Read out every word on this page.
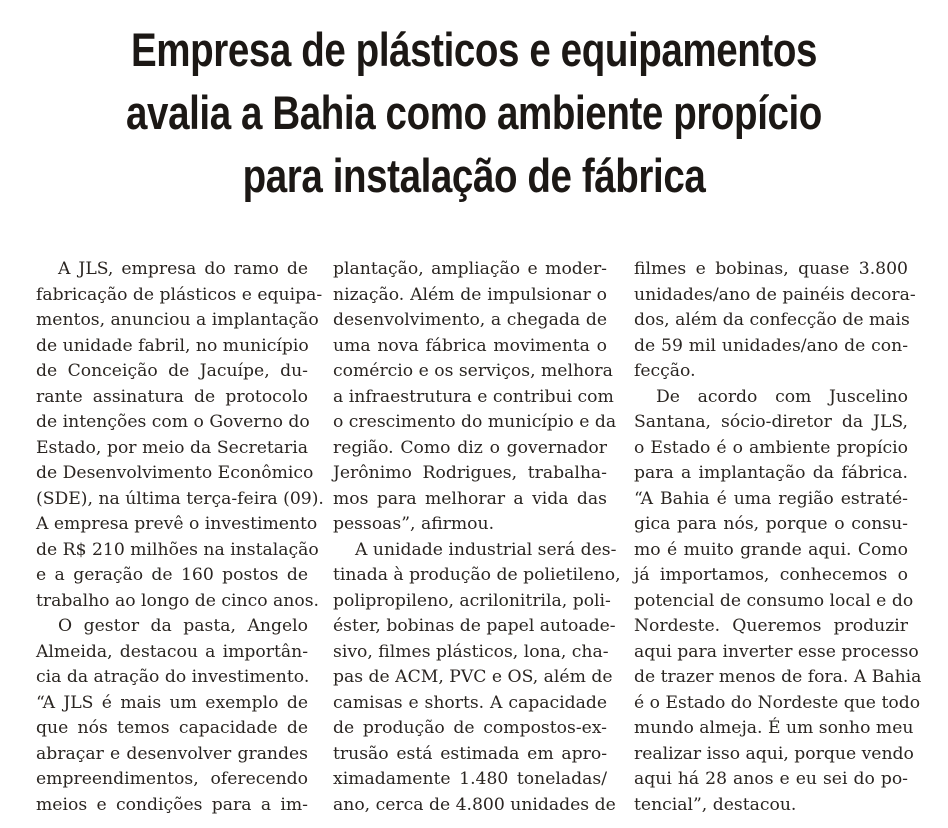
Empresa de plásticos e equipamentos
avalia a Bahia como ambiente propício
para instalação de fábrica
A JLS, empresa do ramo de
fabricação de plásticos e equipa-
mentos, anunciou a implantação
de unidade fabril, no município
de Conceição de Jacuípe, du-
rante assinatura de protocolo
de intenções com o Governo do
Estado, por meio da Secretaria
de Desenvolvimento Econômico
(SDE), na última terça-feira (09).
A empresa prevê o investimento
de R$ 210 milhões na instalação
e a geração de 160 postos de
trabalho ao longo de cinco anos.
O gestor da pasta, Angelo
Almeida, destacou a importân-
cia da atração do investimento.
“A JLS é mais um exemplo de
que nós temos capacidade de
abraçar e desenvolver grandes
empreendimentos, oferecendo
meios e condições para a im-
plantação, ampliação e moder-
nização. Além de impulsionar o
desenvolvimento, a chegada de
uma nova fábrica movimenta o
comércio e os serviços, melhora
a infraestrutura e contribui com
o crescimento do município e da
região. Como diz o governador
Jerônimo Rodrigues, trabalha-
mos para melhorar a vida das
pessoas”, afirmou.
A unidade industrial será des-
tinada à produção de polietileno,
polipropileno, acrilonitrila, poli-
éster, bobinas de papel autoade-
sivo, filmes plásticos, lona, cha-
pas de ACM, PVC e OS, além de
camisas e shorts. A capacidade
de produção de compostos-ex-
trusão está estimada em apro-
ximadamente 1.480 toneladas/
ano, cerca de 4.800 unidades de
filmes e bobinas, quase 3.800
unidades/ano de painéis decora-
dos, além da confecção de mais
de 59 mil unidades/ano de con-
fecção.
De acordo com Juscelino
Santana, sócio-diretor da JLS,
o Estado é o ambiente propício
para a implantação da fábrica.
“A Bahia é uma região estraté-
gica para nós, porque o consu-
mo é muito grande aqui. Como
já importamos, conhecemos o
potencial de consumo local e do
Nordeste. Queremos produzir
aqui para inverter esse processo
de trazer menos de fora. A Bahia
é o Estado do Nordeste que todo
mundo almeja. É um sonho meu
realizar isso aqui, porque vendo
aqui há 28 anos e eu sei do po-
tencial”, destacou.
